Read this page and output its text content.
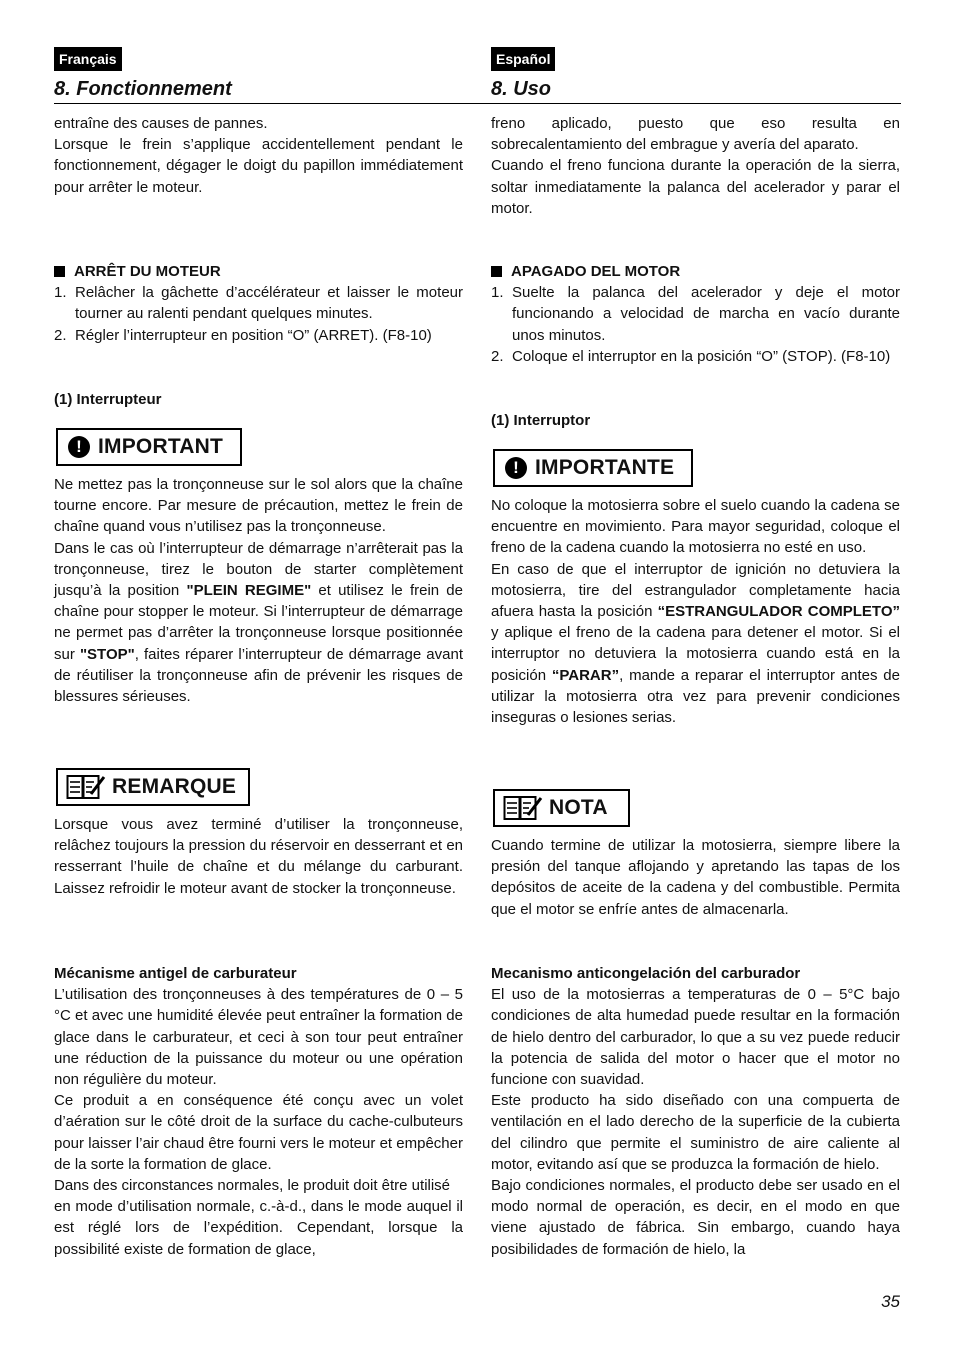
Français
8. Fonctionnement

entraîne des causes de pannes.

Lorsque le frein s’applique accidentellement pendant le fonctionnement, dégager le doigt du papillon immédiatement pour arrêter le moteur.

ARRÊT DU MOTEUR
1. Relâcher la gâchette d’accélérateur et laisser le moteur tourner au ralenti pendant quelques minutes.
2. Régler l’interrupteur en position “O” (ARRET). (F8-10)

(1) Interrupteur

! IMPORTANT

Ne mettez pas la tronçonneuse sur le sol alors que la chaîne tourne encore. Par mesure de précaution, mettez le frein de chaîne quand vous n’utilisez pas la tronçonneuse.

Dans le cas où l’interrupteur de démarrage n’arrêterait pas la tronçonneuse, tirez le bouton de starter complètement jusqu’à la position "PLEIN REGIME" et utilisez le frein de chaîne pour stopper le moteur. Si l’interrupteur de démarrage ne permet pas d’arrêter la tronçonneuse lorsque positionnée sur "STOP", faites réparer l’interrupteur de démarrage avant de réutiliser la tronçonneuse afin de prévenir les risques de blessures sérieuses.

REMARQUE

Lorsque vous avez terminé d’utiliser la tronçonneuse, relâchez toujours la pression du réservoir en desserrant et en resserrant l’huile de chaîne et du mélange du carburant. Laissez refroidir le moteur avant de stocker la tronçonneuse.

Mécanisme antigel de carburateur

L’utilisation des tronçonneuses à des températures de 0 – 5 °C et avec une humidité élevée peut entraîner la formation de glace dans le carburateur, et ceci à son tour peut entraîner une réduction de la puissance du moteur ou une opération non régulière du moteur.

Ce produit a en conséquence été conçu avec un volet d’aération sur le côté droit de la surface du cache-culbuteurs pour laisser l’air chaud être fourni vers le moteur et empêcher de la sorte la formation de glace.

Dans des circonstances normales, le produit doit être utilisé

en mode d’utilisation normale, c.-à-d., dans le mode auquel il est réglé lors de l’expédition. Cependant, lorsque la possibilité existe de formation de glace,

Español
8. Uso

freno aplicado, puesto que eso resulta en sobrecalentamiento del embrague y avería del aparato.

Cuando el freno funciona durante la operación de la sierra, soltar inmediatamente la palanca del acelerador y parar el motor.

APAGADO DEL MOTOR
1. Suelte la palanca del acelerador y deje el motor funcionando a velocidad de marcha en vacío durante unos minutos.
2. Coloque el interruptor en la posición “O” (STOP). (F8-10)

(1) Interruptor

! IMPORTANTE

No coloque la motosierra sobre el suelo cuando la cadena se encuentre en movimiento. Para mayor seguridad, coloque el freno de la cadena cuando la motosierra no esté en uso.

En caso de que el interruptor de ignición no detuviera la motosierra, tire del estrangulador completamente hacia afuera hasta la posición “ESTRANGULADOR COMPLETO” y aplique el freno de la cadena para detener el motor. Si el interruptor no detuviera la motosierra cuando está en la posición “PARAR”, mande a reparar el interruptor antes de utilizar la motosierra otra vez para prevenir condiciones inseguras o lesiones serias.

NOTA

Cuando termine de utilizar la motosierra, siempre libere la presión del tanque aflojando y apretando las tapas de los depósitos de aceite de la cadena y del combustible. Permita que el motor se enfríe antes de almacenarla.

Mecanismo anticongelación del carburador

El uso de la motosierras a temperaturas de 0 – 5°C bajo condiciones de alta humedad puede resultar en la formación de hielo dentro del carburador, lo que a su vez puede reducir la potencia de salida del motor o hacer que el motor no funcione con suavidad.

Este producto ha sido diseñado con una compuerta de ventilación en el lado derecho de la superficie de la cubierta del cilindro que permite el suministro de aire caliente al motor, evitando así que se produzca la formación de hielo.

Bajo condiciones normales, el producto debe ser usado en el modo normal de operación, es decir, en el modo en que viene ajustado de fábrica. Sin embargo, cuando haya posibilidades de formación de hielo, la

35
